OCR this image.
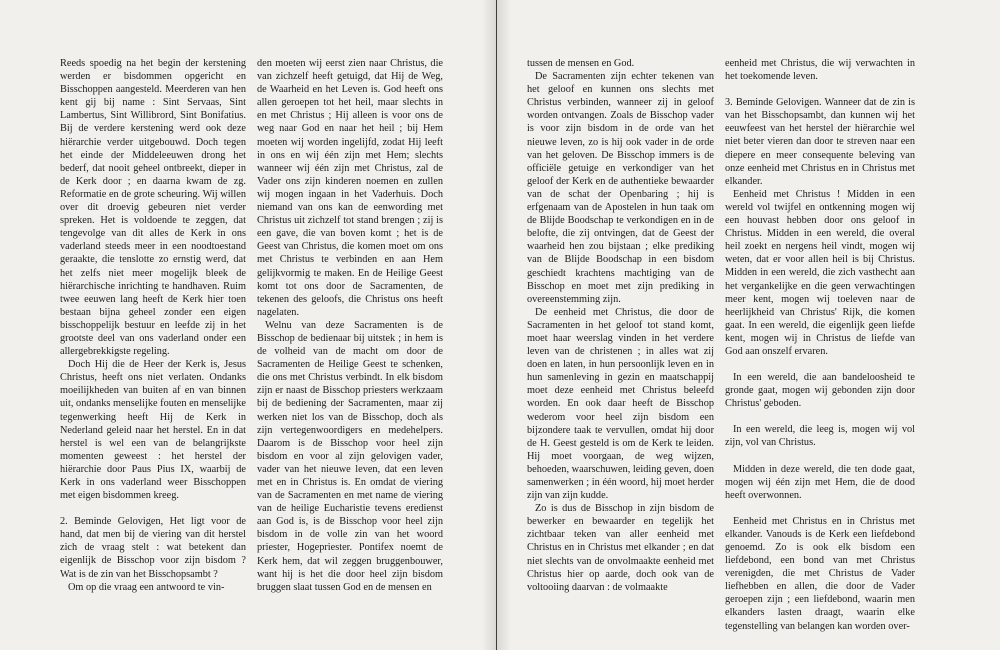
Reeds spoedig na het begin der kerstening werden er bisdommen opgericht en Bisschoppen aangesteld. Meerderen van hen kent gij bij name : Sint Servaas, Sint Lambertus, Sint Willibrord, Sint Bonifatius. Bij de verdere kerstening werd ook deze hiërarchie verder uitgebouwd. Doch tegen het einde der Middeleeuwen drong het bederf, dat nooit geheel ontbreekt, dieper in de Kerk door ; en daarna kwam de zg. Reformatie en de grote scheuring. Wij willen over dit droevig gebeuren niet verder spreken. Het is voldoende te zeggen, dat tengevolge van dit alles de Kerk in ons vaderland steeds meer in een noodtoestand geraakte, die tenslotte zo ernstig werd, dat het zelfs niet meer mogelijk bleek de hiërarchische inrichting te handhaven. Ruim twee eeuwen lang heeft de Kerk hier toen bestaan bijna geheel zonder een eigen bisschoppelijk bestuur en leefde zij in het grootste deel van ons vaderland onder een allergebrekkigste regeling.

Doch Hij die de Heer der Kerk is, Jesus Christus, heeft ons niet verlaten. Ondanks moeilijkheden van buiten af en van binnen uit, ondanks menselijke fouten en menselijke tegenwerking heeft Hij de Kerk in Nederland geleid naar het herstel. En in dat herstel is wel een van de belangrijkste momenten geweest : het herstel der hiërarchie door Paus Pius IX, waarbij de Kerk in ons vaderland weer Bisschoppen met eigen bisdommen kreeg.

2. Beminde Gelovigen, Het ligt voor de hand, dat men bij de viering van dit herstel zich de vraag stelt : wat betekent dan eigenlijk de Bisschop voor zijn bisdom ? Wat is de zin van het Bisschopsambt ?

Om op die vraag een antwoord te vin-

den moeten wij eerst zien naar Christus, die van zichzelf heeft getuigd, dat Hij de Weg, de Waarheid en het Leven is. God heeft ons allen geroepen tot het heil, maar slechts in en met Christus ; Hij alleen is voor ons de weg naar God en naar het heil ; bij Hem moeten wij worden ingelijfd, zodat Hij leeft in ons en wij één zijn met Hem; slechts wanneer wij één zijn met Christus, zal de Vader ons zijn kinderen noemen en zullen wij mogen ingaan in het Vaderhuis. Doch niemand van ons kan de eenwording met Christus uit zichzelf tot stand brengen ; zij is een gave, die van boven komt ; het is de Geest van Christus, die komen moet om ons met Christus te verbinden en aan Hem gelijkvormig te maken. En de Heilige Geest komt tot ons door de Sacramenten, de tekenen des geloofs, die Christus ons heeft nagelaten.

Welnu van deze Sacramenten is de Bisschop de bedienaar bij uitstek ; in hem is de volheid van de macht om door de Sacramenten de Heilige Geest te schenken, die ons met Christus verbindt. In elk bisdom zijn er naast de Bisschop priesters werkzaam bij de bediening der Sacramenten, maar zij werken niet los van de Bisschop, doch als zijn vertegenwoordigers en medehelpers. Daarom is de Bisschop voor heel zijn bisdom en voor al zijn gelovigen vader, vader van het nieuwe leven, dat een leven met en in Christus is. En omdat de viering van de Sacramenten en met name de viering van de heilige Eucharistie tevens eredienst aan God is, is de Bisschop voor heel zijn bisdom in de volle zin van het woord priester, Hogepriester. Pontifex noemt de Kerk hem, dat wil zeggen bruggenbouwer, want hij is het die door heel zijn bisdom bruggen slaat tussen God en de mensen en

tussen de mensen en God.

De Sacramenten zijn echter tekenen van het geloof en kunnen ons slechts met Christus verbinden, wanneer zij in geloof worden ontvangen. Zoals de Bisschop vader is voor zijn bisdom in de orde van het nieuwe leven, zo is hij ook vader in de orde van het geloven. De Bisschop immers is de officiële getuige en verkondiger van het geloof der Kerk en de authentieke bewaarder van de schat der Openbaring ; hij is erfgenaam van de Apostelen in hun taak om de Blijde Boodschap te verkondigen en in de belofte, die zij ontvingen, dat de Geest der waarheid hen zou bijstaan ; elke prediking van de Blijde Boodschap in een bisdom geschiedt krachtens machtiging van de Bisschop en moet met zijn prediking in overeenstemming zijn.

De eenheid met Christus, die door de Sacramenten in het geloof tot stand komt, moet haar weerslag vinden in het verdere leven van de christenen ; in alles wat zij doen en laten, in hun persoonlijk leven en in hun samenleving in gezin en maatschappij moet deze eenheid met Christus beleefd worden. En ook daar heeft de Bisschop wederom voor heel zijn bisdom een bijzondere taak te vervullen, omdat hij door de H. Geest gesteld is om de Kerk te leiden. Hij moet voorgaan, de weg wijzen, behoeden, waarschuwen, leiding geven, doen samenwerken ; in één woord, hij moet herder zijn van zijn kudde.

Zo is dus de Bisschop in zijn bisdom de bewerker en bewaarder en tegelijk het zichtbaar teken van aller eenheid met Christus en in Christus met elkander ; en dat niet slechts van de onvolmaakte eenheid met Christus hier op aarde, doch ook van de voltooiing daarvan : de volmaakte

eenheid met Christus, die wij verwachten in het toekomende leven.

3. Beminde Gelovigen. Wanneer dat de zin is van het Bisschopsambt, dan kunnen wij het eeuwfeest van het herstel der hiërarchie wel niet beter vieren dan door te streven naar een diepere en meer consequente beleving van onze eenheid met Christus en in Christus met elkander.

Eenheid met Christus ! Midden in een wereld vol twijfel en ontkenning mogen wij een houvast hebben door ons geloof in Christus. Midden in een wereld, die overal heil zoekt en nergens heil vindt, mogen wij weten, dat er voor allen heil is bij Christus. Midden in een wereld, die zich vasthecht aan het vergankelijke en die geen verwachtingen meer kent, mogen wij toeleven naar de heerlijkheid van Christus' Rijk, die komen gaat. In een wereld, die eigenlijk geen liefde kent, mogen wij in Christus de liefde van God aan onszelf ervaren.

In een wereld, die aan bandeloosheid te gronde gaat, mogen wij gebonden zijn door Christus' geboden.

In een wereld, die leeg is, mogen wij vol zijn, vol van Christus.

Midden in deze wereld, die ten dode gaat, mogen wij één zijn met Hem, die de dood heeft overwonnen.

Eenheid met Christus en in Christus met elkander. Vanouds is de Kerk een liefdebond genoemd. Zo is ook elk bisdom een liefdebond, een bond van met Christus verenigden, die met Christus de Vader liefhebben en allen, die door de Vader geroepen zijn ; een liefdebond, waarin men elkanders lasten draagt, waarin elke tegenstelling van belangen kan worden over-
